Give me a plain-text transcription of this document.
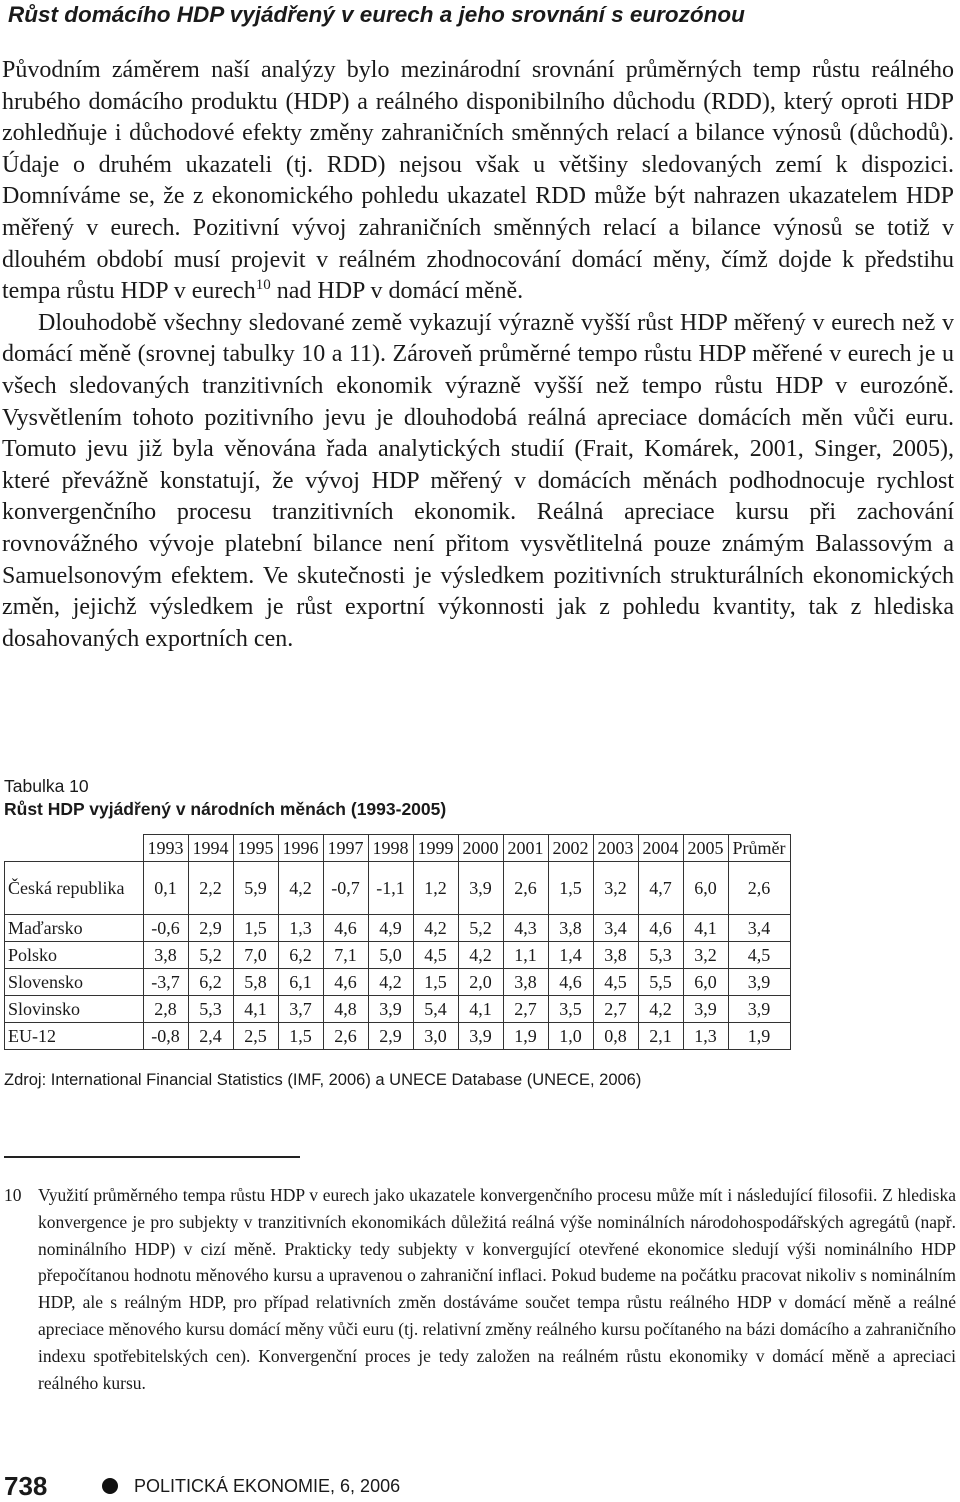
Růst domácího HDP vyjádřený v eurech a jeho srovnání s eurozónou

Původním záměrem naší analýzy bylo mezinárodní srovnání průměrných temp růstu reálného hrubého domácího produktu (HDP) a reálného disponibilního důchodu (RDD), který oproti HDP zohledňuje i důchodové efekty změny zahraničních směnných relací a bilance výnosů (důchodů). Údaje o druhém ukazateli (tj. RDD) nejsou však u většiny sledovaných zemí k dispozici. Domníváme se, že z ekonomického pohledu ukazatel RDD může být nahrazen ukazatelem HDP měřený v eurech. Pozitivní vývoj zahraničních směnných relací a bilance výnosů se totiž v dlouhém období musí projevit v reálném zhodnocování domácí měny, čímž dojde k předstihu tempa růstu HDP v eurech$^{10}$ nad HDP v domácí měně.

Dlouhodobě všechny sledované země vykazují výrazně vyšší růst HDP měřený v eurech než v domácí měně (srovnej tabulky 10 a 11). Zároveň průměrné tempo růstu HDP měřené v eurech je u všech sledovaných tranzitivních ekonomik výrazně vyšší než tempo růstu HDP v eurozóně. Vysvětlením tohoto pozitivního jevu je dlouhodobá reálná apreciace domácích měn vůči euru. Tomuto jevu již byla věnována řada analytických studií (Frait, Komárek, 2001, Singer, 2005), které převážně konstatují, že vývoj HDP měřený v domácích měnách podhodnocuje rychlost konvergenčního procesu tranzitivních ekonomik. Reálná apreciace kursu při zachování rovnovážného vývoje platební bilance není přitom vysvětlitelná pouze známým Balassovým a Samuelsonovým efektem. Ve skutečnosti je výsledkem pozitivních strukturálních ekonomických změn, jejichž výsledkem je růst exportní výkonnosti jak z pohledu kvantity, tak z hlediska dosahovaných exportních cen.

Tabulka 10
Růst HDP vyjádřený v národních měnách (1993-2005)
	1993	1994	1995	1996	1997	1998	1999	2000	2001	2002	2003	2004	2005	Průměr
Česká republika	0,1	2,2	5,9	4,2	-0,7	-1,1	1,2	3,9	2,6	1,5	3,2	4,7	6,0	2,6
Maďarsko	-0,6	2,9	1,5	1,3	4,6	4,9	4,2	5,2	4,3	3,8	3,4	4,6	4,1	3,4
Polsko	3,8	5,2	7,0	6,2	7,1	5,0	4,5	4,2	1,1	1,4	3,8	5,3	3,2	4,5
Slovensko	-3,7	6,2	5,8	6,1	4,6	4,2	1,5	2,0	3,8	4,6	4,5	5,5	6,0	3,9
Slovinsko	2,8	5,3	4,1	3,7	4,8	3,9	5,4	4,1	2,7	3,5	2,7	4,2	3,9	3,9
EU-12	-0,8	2,4	2,5	1,5	2,6	2,9	3,0	3,9	1,9	1,0	0,8	2,1	1,3	1,9
Zdroj: International Financial Statistics (IMF, 2006) a UNECE Database (UNECE, 2006)
10 Využití průměrného tempa růstu HDP v eurech jako ukazatele konvergenčního procesu může mít i následující filosofii. Z hlediska konvergence je pro subjekty v tranzitivních ekonomikách důležitá reálná výše nominálních národohospodářských agregátů (např. nominálního HDP) v cizí měně. Prakticky tedy subjekty v konvergující otevřené ekonomice sledují výši nominálního HDP přepočítanou hodnotu měnového kursu a upravenou o zahraniční inflaci. Pokud budeme na počátku pracovat nikoliv s nominálním HDP, ale s reálným HDP, pro případ relativních změn dostáváme součet tempa růstu reálného HDP v domácí měně a reálné apreciace měnového kursu domácí měny vůči euru (tj. relativní změny reálného kursu počítaného na bázi domácího a zahraničního indexu spotřebitelských cen). Konvergenční proces je tedy založen na reálném růstu ekonomiky v domácí měně a apreciaci reálného kursu.

738	POLITICKÁ EKONOMIE, 6, 2006
